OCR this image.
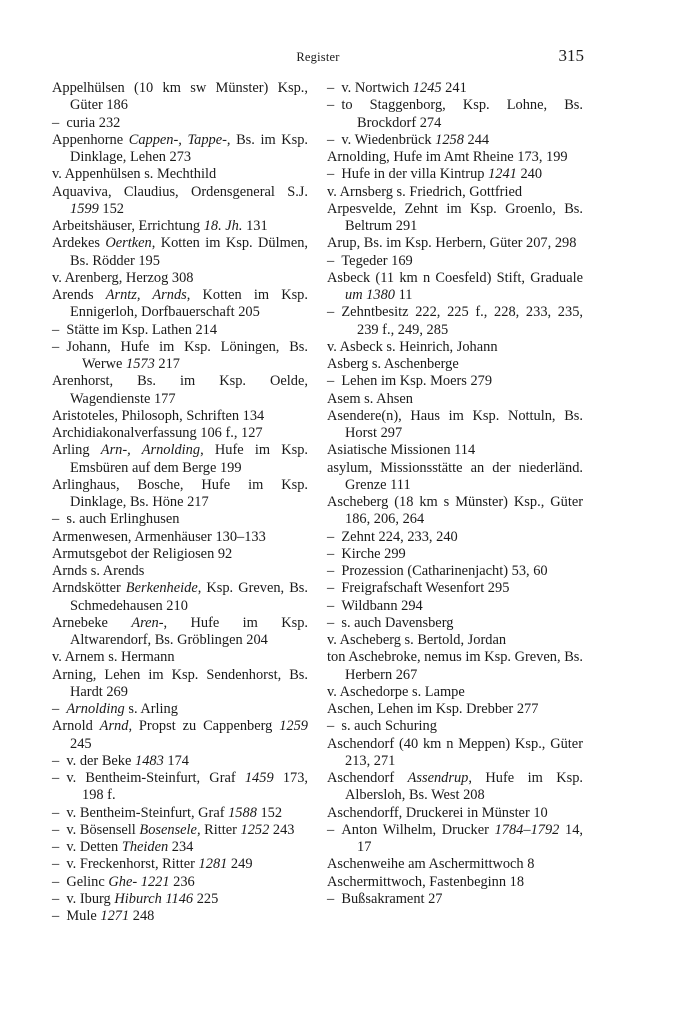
Register	315

Appelhülsen (10 km sw Münster) Ksp., Güter 186

– curia 232

Appenhorne Cappen-, Tappe-, Bs. im Ksp. Dinklage, Lehen 273

v. Appenhülsen s. Mechthild

Aquaviva, Claudius, Ordensgeneral S.J. 1599 152

Arbeitshäuser, Errichtung 18. Jh. 131

Ardekes Oertken, Kotten im Ksp. Dülmen, Bs. Rödder 195

v. Arenberg, Herzog 308

Arends Arntz, Arnds, Kotten im Ksp. Ennigerloh, Dorfbauerschaft 205

– Stätte im Ksp. Lathen 214

– Johann, Hufe im Ksp. Löningen, Bs. Werwe 1573 217

Arenhorst, Bs. im Ksp. Oelde, Wagendienste 177

Aristoteles, Philosoph, Schriften 134

Archidiakonalverfassung 106 f., 127

Arling Arn-, Arnolding, Hufe im Ksp. Emsbüren auf dem Berge 199

Arlinghaus, Bosche, Hufe im Ksp. Dinklage, Bs. Höne 217

– s. auch Erlinghusen

Armenwesen, Armenhäuser 130–133

Armutsgebot der Religiosen 92

Arnds s. Arends

Arndskötter Berkenheide, Ksp. Greven, Bs. Schmedehausen 210

Arnebeke Aren-, Hufe im Ksp. Altwarendorf, Bs. Gröblingen 204

v. Arnem s. Hermann

Arning, Lehen im Ksp. Sendenhorst, Bs. Hardt 269

– Arnolding s. Arling

Arnold Arnd, Propst zu Cappenberg 1259 245

– v. der Beke 1483 174

– v. Bentheim-Steinfurt, Graf 1459 173, 198 f.

– v. Bentheim-Steinfurt, Graf 1588 152

– v. Bösensell Bosensele, Ritter 1252 243

– v. Detten Theiden 234

– v. Freckenhorst, Ritter 1281 249

– Gelinc Ghe- 1221 236

– v. Iburg Hiburch 1146 225

– Mule 1271 248

– v. Nortwich 1245 241

– to Staggenborg, Ksp. Lohne, Bs. Brockdorf 274

– v. Wiedenbrück 1258 244

Arnolding, Hufe im Amt Rheine 173, 199

– Hufe in der villa Kintrup 1241 240

v. Arnsberg s. Friedrich, Gottfried

Arpesvelde, Zehnt im Ksp. Groenlo, Bs. Beltrum 291

Arup, Bs. im Ksp. Herbern, Güter 207, 298

– Tegeder 169

Asbeck (11 km n Coesfeld) Stift, Graduale um 1380 11

– Zehntbesitz 222, 225 f., 228, 233, 235, 239 f., 249, 285

v. Asbeck s. Heinrich, Johann

Asberg s. Aschenberge

– Lehen im Ksp. Moers 279

Asem s. Ahsen

Asendere(n), Haus im Ksp. Nottuln, Bs. Horst 297

Asiatische Missionen 114

asylum, Missionsstätte an der niederländ. Grenze 111

Ascheberg (18 km s Münster) Ksp., Güter 186, 206, 264

– Zehnt 224, 233, 240

– Kirche 299

– Prozession (Catharinenjacht) 53, 60

– Freigrafschaft Wesenfort 295

– Wildbann 294

– s. auch Davensberg

v. Ascheberg s. Bertold, Jordan

ton Aschebroke, nemus im Ksp. Greven, Bs. Herbern 267

v. Aschedorpe s. Lampe

Aschen, Lehen im Ksp. Drebber 277

– s. auch Schuring

Aschendorf (40 km n Meppen) Ksp., Güter 213, 271

Aschendorf Assendrup, Hufe im Ksp. Albersloh, Bs. West 208

Aschendorff, Druckerei in Münster 10

– Anton Wilhelm, Drucker 1784–1792 14, 17

Aschenweihe am Aschermittwoch 8

Aschermittwoch, Fastenbeginn 18

– Bußsakrament 27
